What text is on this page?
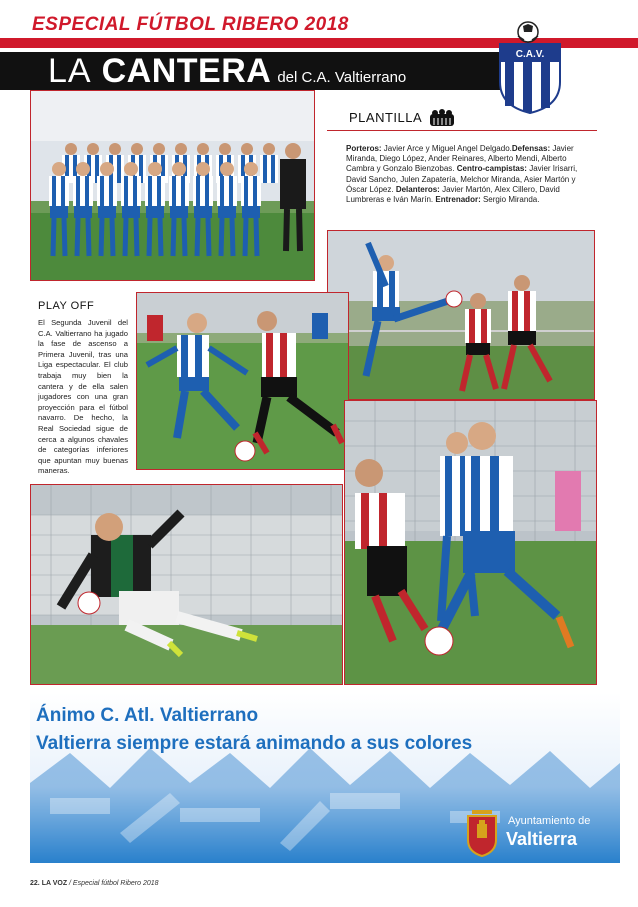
ESPECIAL FÚTBOL RIBERO 2018
LA CANTERA del C.A. Valtierrano
C.A.V.
PLANTILLA
Porteros: Javier Arce y Miguel Angel Delgado.Defensas: Javier Miranda, Diego López, Ander Reinares, Alberto Mendi, Alberto Cambra y Gonzalo Bienzobas. Centro-campistas: Javier Irisarri, David Sancho, Julen Zapatería, Melchor Miranda, Asier Martón y Óscar López. Delanteros: Javier Martón, Alex Cillero, David Lumbreras e Iván Marín. Entrenador: Sergio Miranda.
PLAY OFF
El Segunda Juvenil del C.A. Valtierrano ha jugado la fase de ascenso a Primera Juvenil, tras una Liga espectacular. El club trabaja muy bien la cantera y de ella salen jugadores con una gran proyección para el fútbol navarro. De hecho, la Real Sociedad sigue de cerca a algunos chavales de categorías inferiores que apuntan muy buenas maneras.
Ánimo C. Atl. Valtierrano
Valtierra siempre estará animando a sus colores
Ayuntamiento de
Valtierra
22. LA VOZ / Especial fútbol Ribero 2018
